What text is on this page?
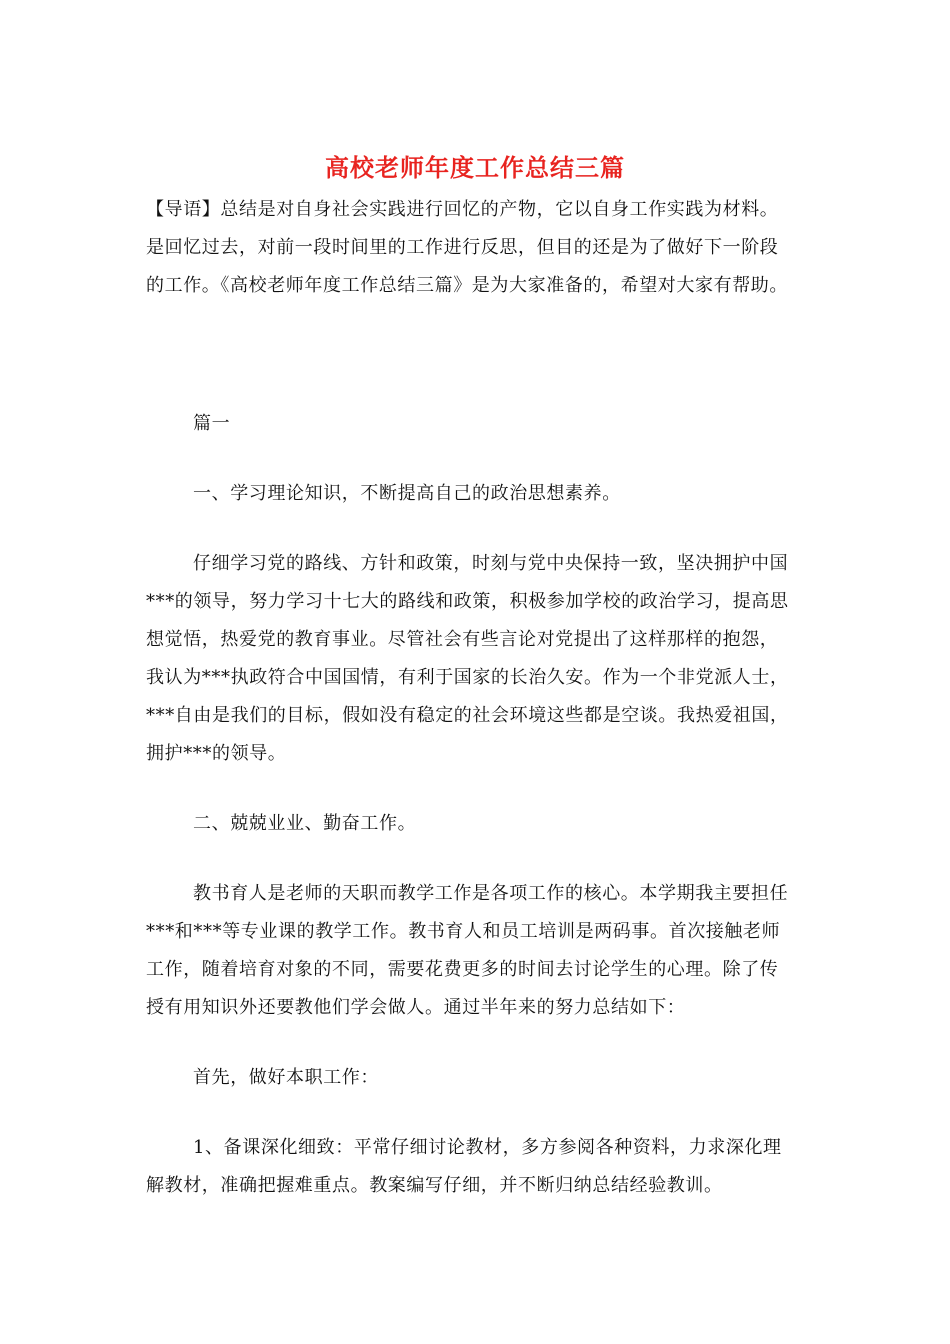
高校老师年度工作总结三篇
【导语】总结是对自身社会实践进行回忆的产物，它以自身工作实践为材料。
是回忆过去，对前一段时间里的工作进行反思，但目的还是为了做好下一阶段
的工作。《高校老师年度工作总结三篇》是为大家准备的，希望对大家有帮助。
篇一
一、学习理论知识，不断提高自己的政治思想素养。
仔细学习党的路线、方针和政策，时刻与党中央保持一致，坚决拥护中国
***的领导，努力学习十七大的路线和政策，积极参加学校的政治学习，提高思
想觉悟，热爱党的教育事业。尽管社会有些言论对党提出了这样那样的抱怨，
我认为***执政符合中国国情，有利于国家的长治久安。作为一个非党派人士，
***自由是我们的目标，假如没有稳定的社会环境这些都是空谈。我热爱祖国，
拥护***的领导。
二、兢兢业业、勤奋工作。
教书育人是老师的天职而教学工作是各项工作的核心。本学期我主要担任
***和***等专业课的教学工作。教书育人和员工培训是两码事。首次接触老师
工作，随着培育对象的不同，需要花费更多的时间去讨论学生的心理。除了传
授有用知识外还要教他们学会做人。通过半年来的努力总结如下：
首先，做好本职工作：
1、备课深化细致：平常仔细讨论教材，多方参阅各种资料，力求深化理
解教材，准确把握难重点。教案编写仔细，并不断归纳总结经验教训。
